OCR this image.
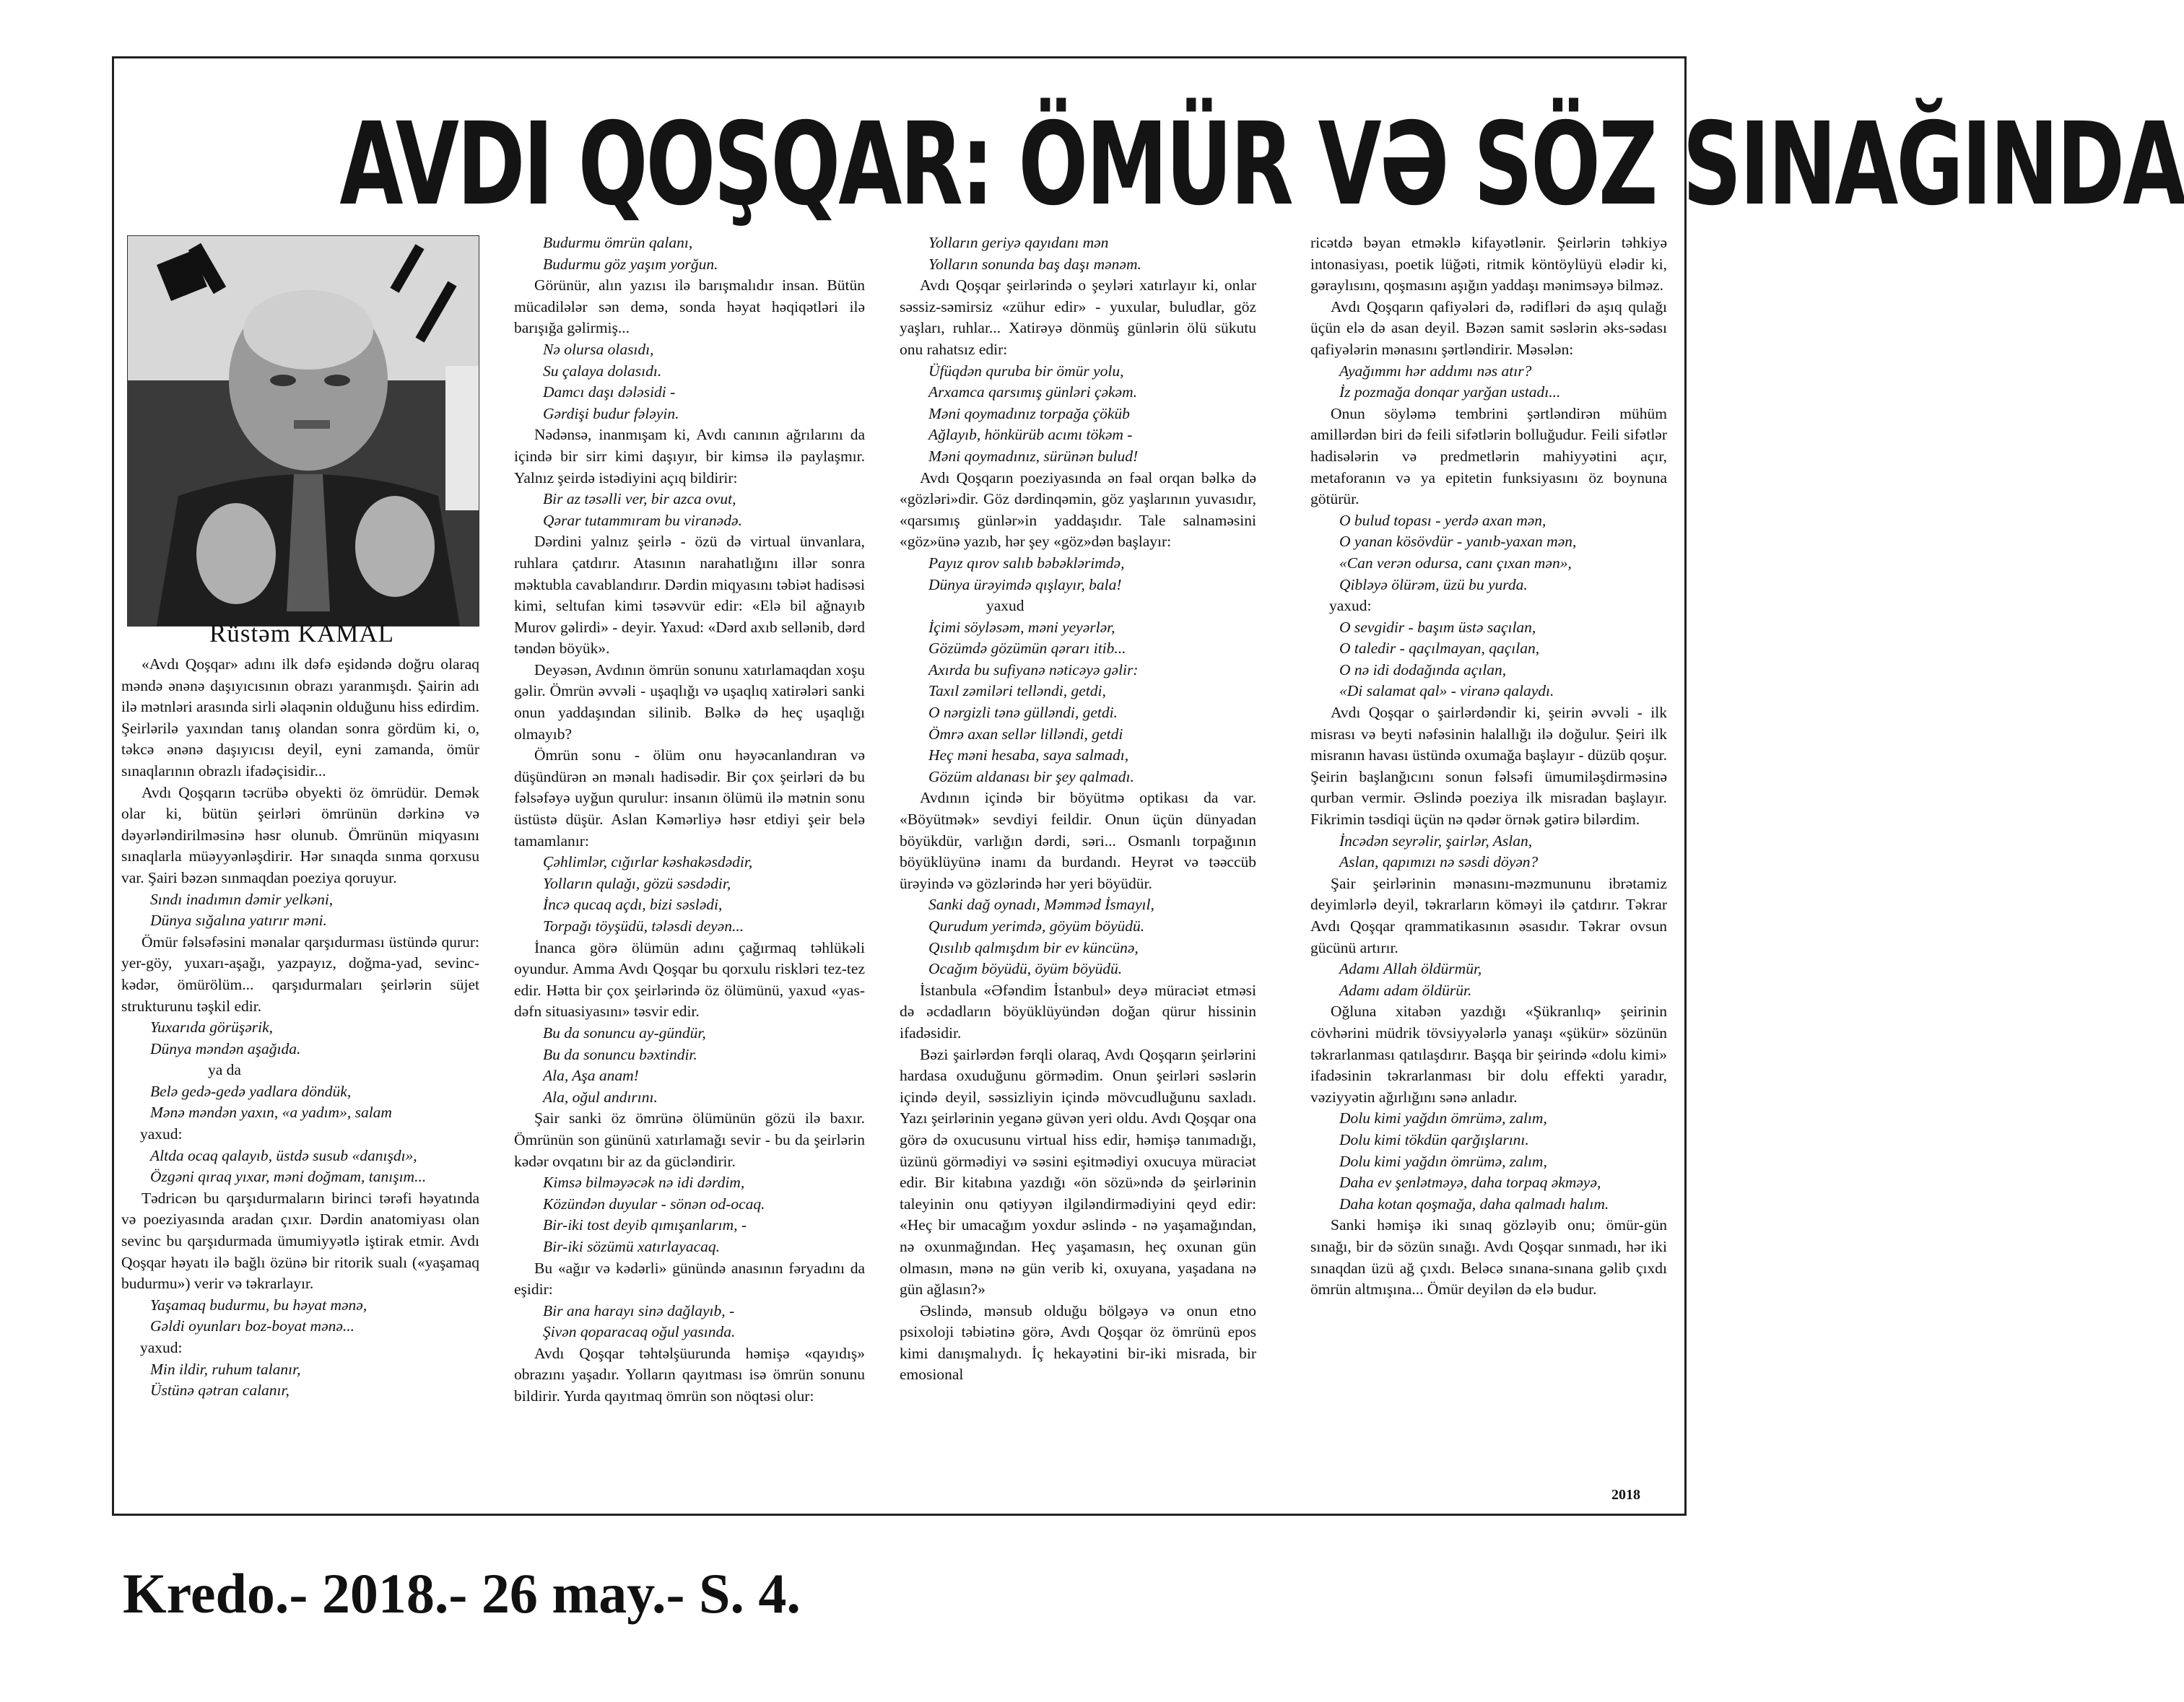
AVDI QOŞQAR: ÖMÜR VƏ SÖZ SINAĞINDA
Rüstəm KAMAL

«Avdı Qoşqar» adını ilk dəfə eşidəndə doğru olaraq məndə ənənə daşıyıcısının obrazı yaranmışdı. Şairin adı ilə mətnləri arasında sirli əlaqənin olduğunu hiss edirdim. Şeirlərilə yaxından tanış olandan sonra gördüm ki, o, təkcə ənənə daşıyıcısı deyil, eyni zamanda, ömür sınaqlarının obrazlı ifadəçisidir...

Avdı Qoşqarın təcrübə obyekti öz ömrüdür. Demək olar ki, bütün şeirləri ömrünün dərkinə və dəyərləndirilməsinə həsr olunub. Ömrünün miqyasını sınaqlarla müəyyənləşdirir. Hər sınaqda sınma qorxusu var. Şairi bəzən sınmaqdan poeziya qoruyur.

Sındı inadımın dəmir yelkəni,

Dünya sığalına yatırır məni.

Ömür fəlsəfəsini mənalar qarşıdurması üstündə qurur: yer-göy, yuxarı-aşağı, yazpayız, doğma-yad, sevinc-kədər, ömürölüm... qarşıdurmaları şeirlərin süjet strukturunu təşkil edir.

Yuxarıda görüşərik,

Dünya məndən aşağıda.

ya da

Belə gedə-gedə yadlara döndük,

Mənə məndən yaxın, «a yadım», salam

yaxud:

Altda ocaq qalayıb, üstdə susub «danışdı»,

Özgəni qıraq yıxar, məni doğmam, tanışım...

Tədricən bu qarşıdurmaların birinci tərəfi həyatında və poeziyasında aradan çıxır. Dərdin anatomiyası olan sevinc bu qarşıdurmada ümumiyyətlə iştirak etmir. Avdı Qoşqar həyatı ilə bağlı özünə bir ritorik sualı («yaşamaq budurmu») verir və təkrarlayır.

Yaşamaq budurmu, bu həyat mənə,

Gəldi oyunları boz-boyat mənə...

yaxud:

Min ildir, ruhum talanır,

Üstünə qətran calanır,

Budurmu ömrün qalanı,

Budurmu göz yaşım yorğun.

Görünür, alın yazısı ilə barışmalıdır insan. Bütün mücadilələr sən demə, sonda həyat həqiqətləri ilə barışığa gəlirmiş...

Nə olursa olasıdı,

Su çalaya dolasıdı.

Damcı daşı dələsidi -

Gərdişi budur fələyin.

Nədənsə, inanmışam ki, Avdı canının ağrılarını da içində bir sirr kimi daşıyır, bir kimsə ilə paylaşmır. Yalnız şeirdə istədiyini açıq bildirir:

Bir az təsəlli ver, bir azca ovut,

Qərar tutammıram bu viranədə.

Dərdini yalnız şeirlə - özü də virtual ünvanlara, ruhlara çatdırır. Atasının narahatlığını illər sonra məktubla cavablandırır. Dərdin miqyasını təbiət hadisəsi kimi, seltufan kimi təsəvvür edir: «Elə bil ağnayıb Murov gəlirdi» - deyir. Yaxud: «Dərd axıb sellənib, dərd təndən böyük».

Deyəsən, Avdının ömrün sonunu xatırlamaqdan xoşu gəlir. Ömrün əvvəli - uşaqlığı və uşaqlıq xatirələri sanki onun yaddaşından silinib. Bəlkə də heç uşaqlığı olmayıb?

Ömrün sonu - ölüm onu həyəcanlandıran və düşündürən ən mənalı hadisədir. Bir çox şeirləri də bu fəlsəfəyə uyğun qurulur: insanın ölümü ilə mətnin sonu üstüstə düşür. Aslan Kəmərliyə həsr etdiyi şeir belə tamamlanır:

Çəhlimlər, cığırlar kəshakəsdədir,

Yolların qulağı, gözü səsdədir,

İncə qucaq açdı, bizi səslədi,

Torpağı töyşüdü, tələsdi deyən...

İnanca görə ölümün adını çağırmaq təhlükəli oyundur. Amma Avdı Qoşqar bu qorxulu riskləri tez-tez edir. Hətta bir çox şeirlərində öz ölümünü, yaxud «yas-dəfn situasiyasını» təsvir edir.

Bu da sonuncu ay-gündür,

Bu da sonuncu bəxtindir.

Ala, Aşa anam!

Ala, oğul andırını.

Şair sanki öz ömrünə ölümünün gözü ilə baxır. Ömrünün son gününü xatırlamağı sevir - bu da şeirlərin kədər ovqatını bir az da gücləndirir.

Kimsə bilməyəcək nə idi dərdim,

Közündən duyular - sönən od-ocaq.

Bir-iki tost deyib qımışanlarım, -

Bir-iki sözümü xatırlayacaq.

Bu «ağır və kədərli» günündə anasının fəryadını da eşidir:

Bir ana harayı sinə dağlayıb, -

Şivən qoparacaq oğul yasında.

Avdı Qoşqar təhtəlşüurunda həmişə «qayıdış» obrazını yaşadır. Yolların qayıtması isə ömrün sonunu bildirir. Yurda qayıtmaq ömrün son nöqtəsi olur:

Yolların geriyə qayıdanı mən

Yolların sonunda baş daşı mənəm.

Avdı Qoşqar şeirlərində o şeyləri xatırlayır ki, onlar səssiz-səmirsiz «zühur edir» - yuxular, buludlar, göz yaşları, ruhlar... Xatirəyə dönmüş günlərin ölü sükutu onu rahatsız edir:

Üfüqdən quruba bir ömür yolu,

Arxamca qarsımış günləri çəkəm.

Məni qoymadınız torpağa çöküb

Ağlayıb, hönkürüb acımı tökəm -

Məni qoymadınız, sürünən bulud!

Avdı Qoşqarın poeziyasında ən fəal orqan bəlkə də «gözləri»dir. Göz dərdinqəmin, göz yaşlarının yuvasıdır, «qarsımış günlər»in yaddaşıdır. Tale salnaməsini «göz»ünə yazıb, hər şey «göz»dən başlayır:

Payız qırov salıb bəbəklərimdə,

Dünya ürəyimdə qışlayır, bala!

yaxud

İçimi söyləsəm, məni yeyərlər,

Gözümdə gözümün qərarı itib...

Axırda bu sufiyanə nəticəyə gəlir:

Taxıl zəmiləri telləndi, getdi,

O nərgizli tənə gülləndi, getdi.

Ömrə axan sellər lilləndi, getdi

Heç məni hesaba, saya salmadı,

Gözüm aldanası bir şey qalmadı.

Avdının içində bir böyütmə optikası da var. «Böyütmək» sevdiyi feildir. Onun üçün dünyadan böyükdür, varlığın dərdi, səri... Osmanlı torpağının böyüklüyünə inamı da burdandı. Heyrət və təəccüb ürəyində və gözlərində hər yeri böyüdür.

Sanki dağ oynadı, Məmməd İsmayıl,

Qurudum yerimdə, göyüm böyüdü.

Qısılıb qalmışdım bir ev küncünə,

Ocağım böyüdü, öyüm böyüdü.

İstanbula «Əfəndim İstanbul» deyə müraciət etməsi də əcdadların böyüklüyündən doğan qürur hissinin ifadəsidir.

Bəzi şairlərdən fərqli olaraq, Avdı Qoşqarın şeirlərini hardasa oxuduğunu görmədim. Onun şeirləri səslərin içində deyil, səssizliyin içində mövcudluğunu saxladı. Yazı şeirlərinin yeganə güvən yeri oldu. Avdı Qoşqar ona görə də oxucusunu virtual hiss edir, həmişə tanımadığı, üzünü görmədiyi və səsini eşitmədiyi oxucuya müraciət edir. Bir kitabına yazdığı «ön sözü»ndə də şeirlərinin taleyinin onu qətiyyən ilgiləndirmədiyini qeyd edir: «Heç bir umacağım yoxdur əslində - nə yaşamağından, nə oxunmağından. Heç yaşamasın, heç oxunan gün olmasın, mənə nə gün verib ki, oxuyana, yaşadana nə gün ağlasın?»

Əslində, mənsub olduğu bölgəyə və onun etno psixoloji təbiətinə görə, Avdı Qoşqar öz ömrünü epos kimi danışmalıydı. İç hekayətini bir-iki misrada, bir emosional

ricətdə bəyan etməklə kifayətlənir. Şeirlərin təhkiyə intonasiyası, poetik lüğəti, ritmik köntöylüyü elədir ki, gəraylısını, qoşmasını aşığın yaddaşı mənimsəyə bilməz.

Avdı Qoşqarın qafiyələri də, rədifləri də aşıq qulağı üçün elə də asan deyil. Bəzən samit səslərin əks-sədası qafiyələrin mənasını şərtləndirir. Məsələn:

Ayağımmı hər addımı nəs atır?

İz pozmağa donqar yarğan ustadı...

Onun söyləmə tembrini şərtləndirən mühüm amillərdən biri də feili sifətlərin bolluğudur. Feili sifətlər hadisələrin və predmetlərin mahiyyətini açır, metaforanın və ya epitetin funksiyasını öz boynuna götürür.

O bulud topası - yerdə axan mən,

O yanan kösövdür - yanıb-yaxan mən,

«Can verən odursa, canı çıxan mən»,

Qibləyə ölürəm, üzü bu yurda.

yaxud:

O sevgidir - başım üstə saçılan,

O taledir - qaçılmayan, qaçılan,

O nə idi dodağında açılan,

«Di salamat qal» - viranə qalaydı.

Avdı Qoşqar o şairlərdəndir ki, şeirin əvvəli - ilk misrası və beyti nəfəsinin halallığı ilə doğulur. Şeiri ilk misranın havası üstündə oxumağa başlayır - düzüb qoşur. Şeirin başlanğıcını sonun fəlsəfi ümumiləşdirməsinə qurban vermir. Əslində poeziya ilk misradan başlayır. Fikrimin təsdiqi üçün nə qədər örnək gətirə bilərdim.

İncədən seyrəlir, şairlər, Aslan,

Aslan, qapımızı nə səsdi döyən?

Şair şeirlərinin mənasını-məzmununu ibrətamiz deyimlərlə deyil, təkrarların köməyi ilə çatdırır. Təkrar Avdı Qoşqar qrammatikasının əsasıdır. Təkrar ovsun gücünü artırır.

Adamı Allah öldürmür,

Adamı adam öldürür.

Oğluna xitabən yazdığı «Şükranlıq» şeirinin cövhərini müdrik tövsiyyələrlə yanaşı «şükür» sözünün təkrarlanması qatılaşdırır. Başqa bir şeirində «dolu kimi» ifadəsinin təkrarlanması bir dolu effekti yaradır, vəziyyətin ağırlığını sənə anladır.

Dolu kimi yağdın ömrümə, zalım,

Dolu kimi tökdün qarğışlarını.

Dolu kimi yağdın ömrümə, zalım,

Daha ev şenlətməyə, daha torpaq əkməyə,

Daha kotan qoşmağa, daha qalmadı halım.

Sanki həmişə iki sınaq gözləyib onu; ömür-gün sınağı, bir də sözün sınağı. Avdı Qoşqar sınmadı, hər iki sınaqdan üzü ağ çıxdı. Beləcə sınana-sınana gəlib çıxdı ömrün altmışına... Ömür deyilən də elə budur.

2018
Kredo.- 2018.- 26 may.- S. 4.
